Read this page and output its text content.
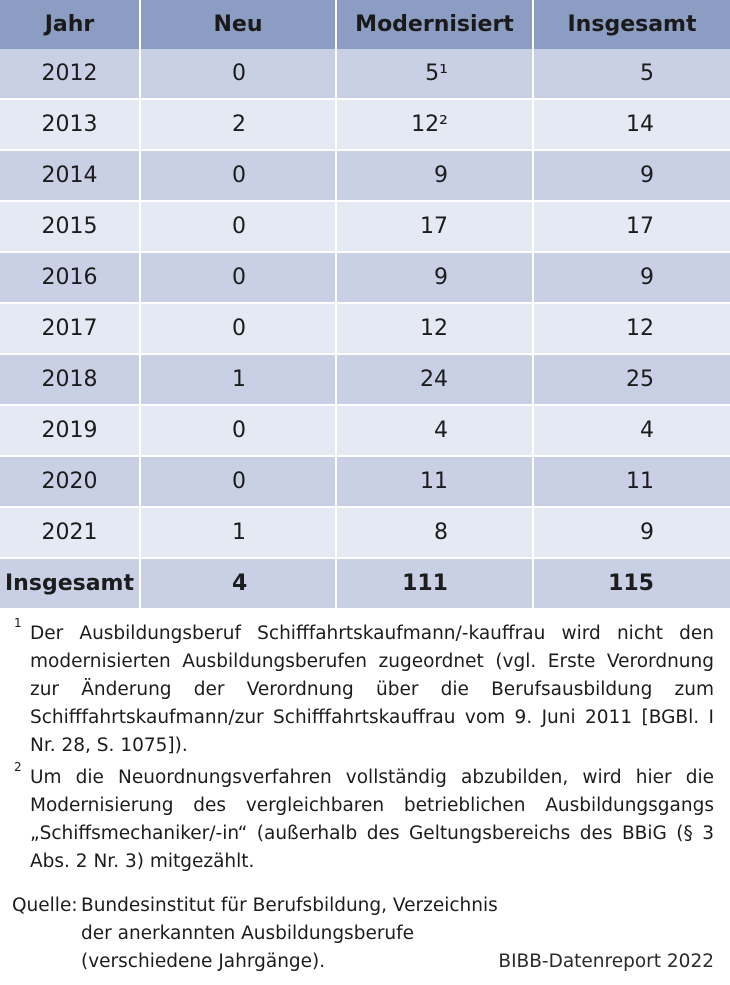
Jahr	Neu	Modernisiert	Insgesamt
2012	0	5¹	5
2013	2	12²	14
2014	0	9	9
2015	0	17	17
2016	0	9	9
2017	0	12	12
2018	1	24	25
2019	0	4	4
2020	0	11	11
2021	1	8	9
Insgesamt	4	111	115
1 Der Ausbildungsberuf Schifffahrtskaufmann/-kauffrau wird nicht den modernisierten Ausbildungsberufen zugeordnet (vgl. Erste Verordnung zur Änderung der Verordnung über die Berufsausbildung zum Schifffahrtskaufmann/zur Schifffahrtskauffrau vom 9. Juni 2011 [BGBl. I Nr. 28, S. 1075]).
2 Um die Neuordnungsverfahren vollständig abzubilden, wird hier die Modernisierung des vergleichbaren betrieblichen Ausbildungsgangs „Schiffsmechaniker/-in“ (außerhalb des Geltungsbereichs des BBiG (§ 3 Abs. 2 Nr. 3) mitgezählt.
Quelle: Bundesinstitut für Berufsbildung, Verzeichnis
der anerkannten Ausbildungsberufe
(verschiedene Jahrgänge).	BIBB-Datenreport 2022
